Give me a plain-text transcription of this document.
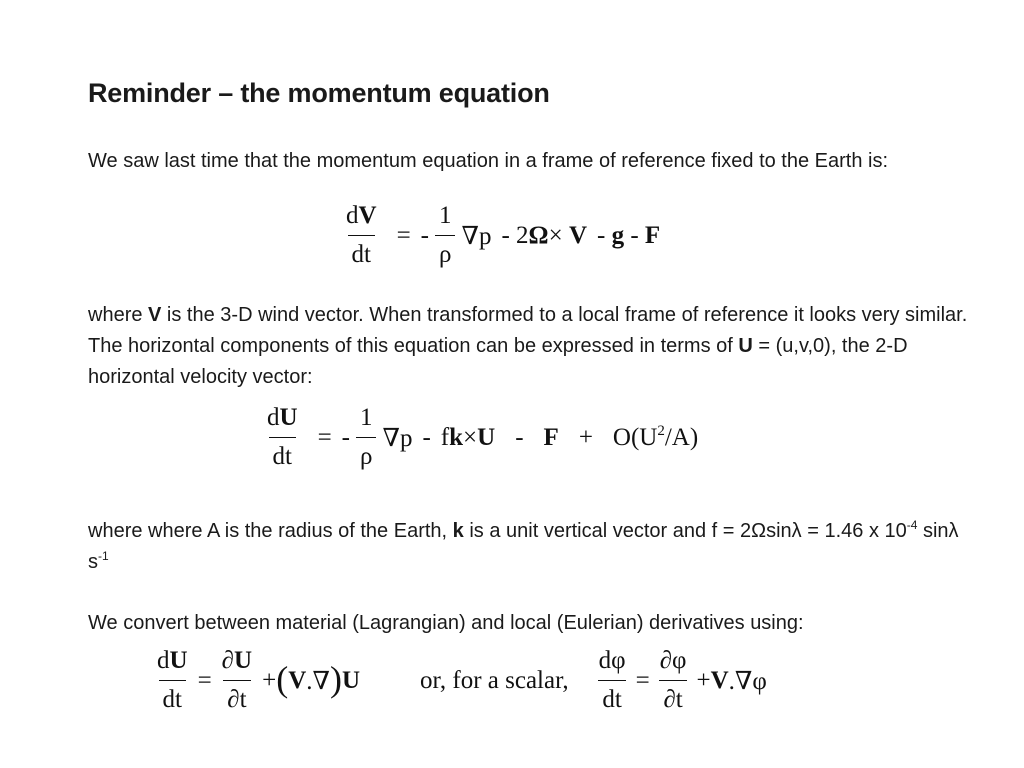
Reminder – the momentum equation
We saw last time that the momentum equation in a frame of reference fixed to the Earth is:
$\frac{dV}{dt}$ = - $\frac{1}{\rho} \nabla p - 2\Omega\times V$ -
g
-
F
where V is the 3-D wind vector. When transformed to a local frame of reference it looks very similar. The horizontal components of this equation can be expressed in terms of U = (u,v,0), the 2-D horizontal velocity vector:
$\frac{dU}{dt}$ = - $\frac{1}{\rho} \nabla p - fk\times U - F + O(U^2/A)$
where where A is the radius of the Earth, k is a unit vertical vector and f = 2Ωsinλ = 1.46 x $10^{-4}$ sinλ $s^{-1}$
We convert between material (Lagrangian) and local (Eulerian) derivatives using:
$\frac{dU}{dt} = \frac{\partial U}{\partial t}$ + ( V .∇ ) U or, for a scalar, $\frac{d\varphi}{dt} = \frac{\partial\varphi}{\partial t} + V$ .∇φ
